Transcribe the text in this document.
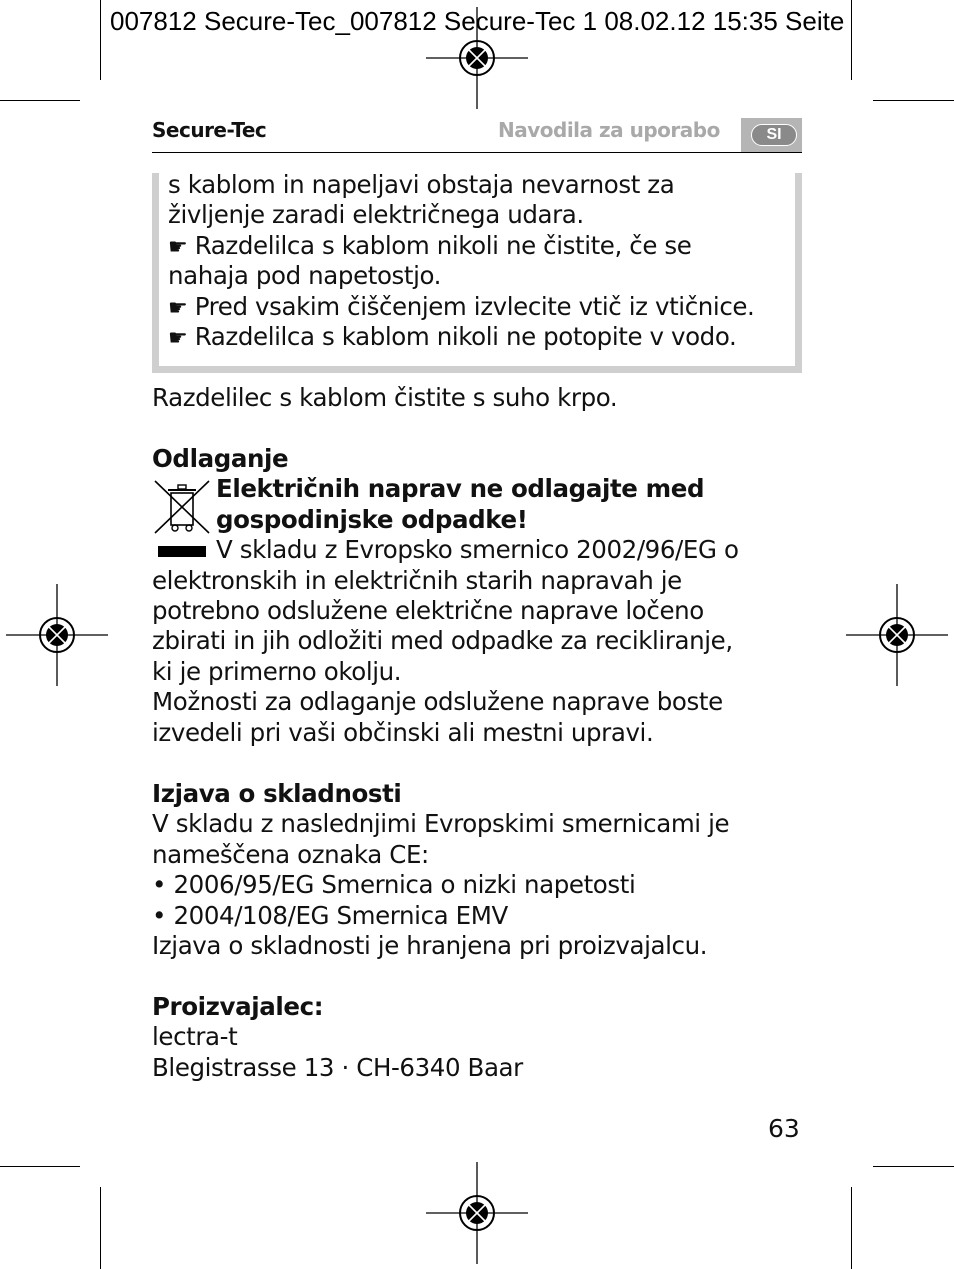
007812 Secure-Tec_007812 Secure-Tec 1 08.02.12 15:35 Seite
Secure-Tec	Navodila za uporabo	SI
s kablom in napeljavi obstaja nevarnost za
življenje zaradi električnega udara.
☛ Razdelilca s kablom nikoli ne čistite, če se
nahaja pod napetostjo.
☛ Pred vsakim čiščenjem izvlecite vtič iz vtičnice.
☛ Razdelilca s kablom nikoli ne potopite v vodo.
Razdelilec s kablom čistite s suho krpo.
Odlaganje
Električnih naprav ne odlagajte med
gospodinjske odpadke!
V skladu z Evropsko smernico 2002/96/EG o
elektronskih in električnih starih napravah je
potrebno odslužene električne naprave ločeno
zbirati in jih odložiti med odpadke za recikliranje,
ki je primerno okolju.
Možnosti za odlaganje odslužene naprave boste
izvedeli pri vaši občinski ali mestni upravi.
Izjava o skladnosti
V skladu z naslednjimi Evropskimi smernicami je
nameščena oznaka CE:
• 2006/95/EG Smernica o nizki napetosti
• 2004/108/EG Smernica EMV
Izjava o skladnosti je hranjena pri proizvajalcu.
Proizvajalec:
lectra-t
Blegistrasse 13 · CH-6340 Baar
63
